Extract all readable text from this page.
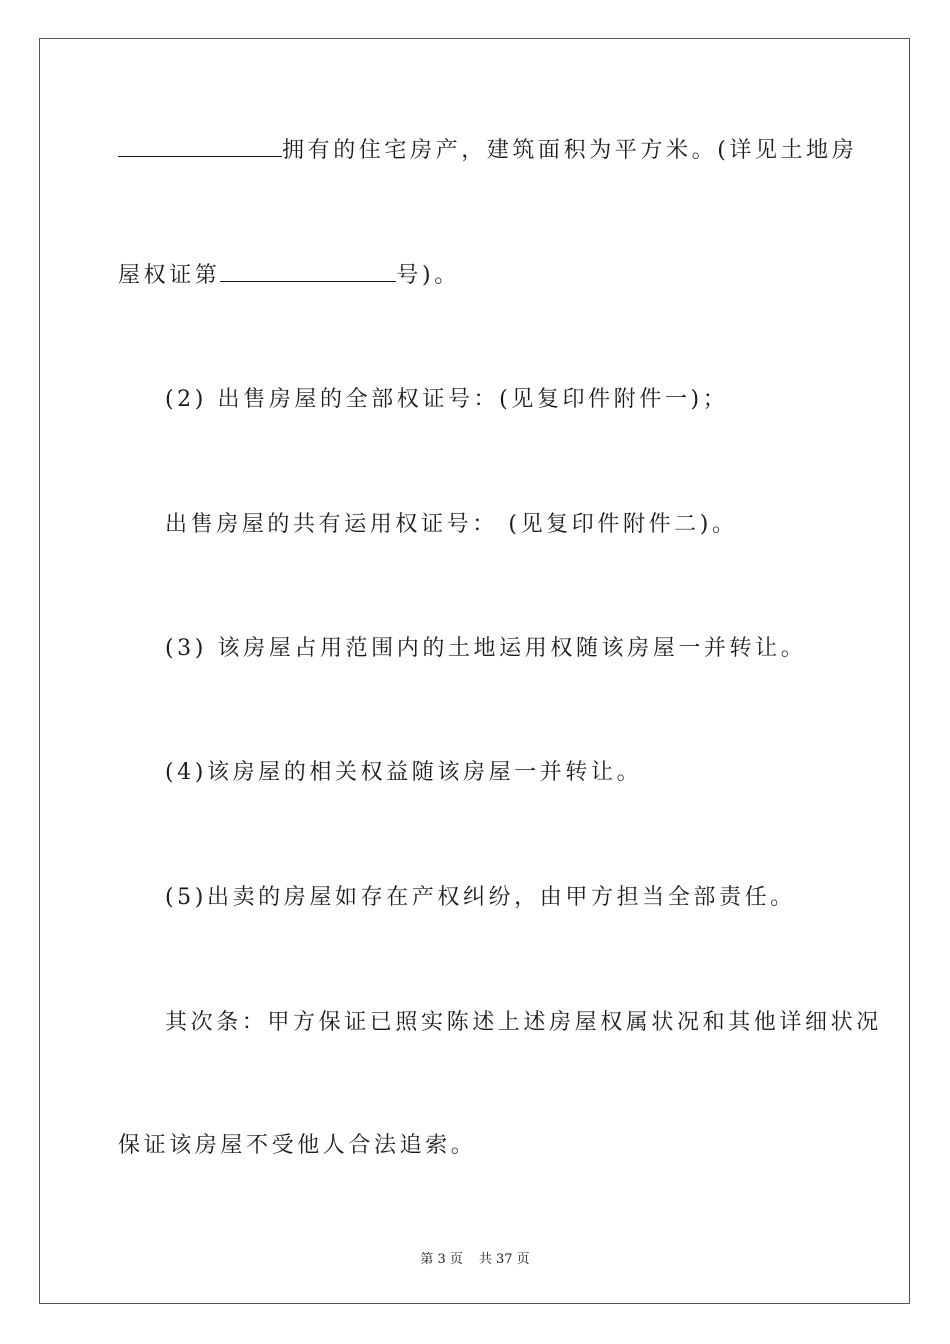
拥有的住宅房产，建筑面积为平方米。(详见土地房
屋权证第	号)。
(2) 出售房屋的全部权证号：(见复印件附件一)；
出售房屋的共有运用权证号： (见复印件附件二)。
(3) 该房屋占用范围内的土地运用权随该房屋一并转让。
(4)该房屋的相关权益随该房屋一并转让。
(5)出卖的房屋如存在产权纠纷，由甲方担当全部责任。
其次条：甲方保证已照实陈述上述房屋权属状况和其他详细状况
保证该房屋不受他人合法追索。
第 3 页 共 37 页
